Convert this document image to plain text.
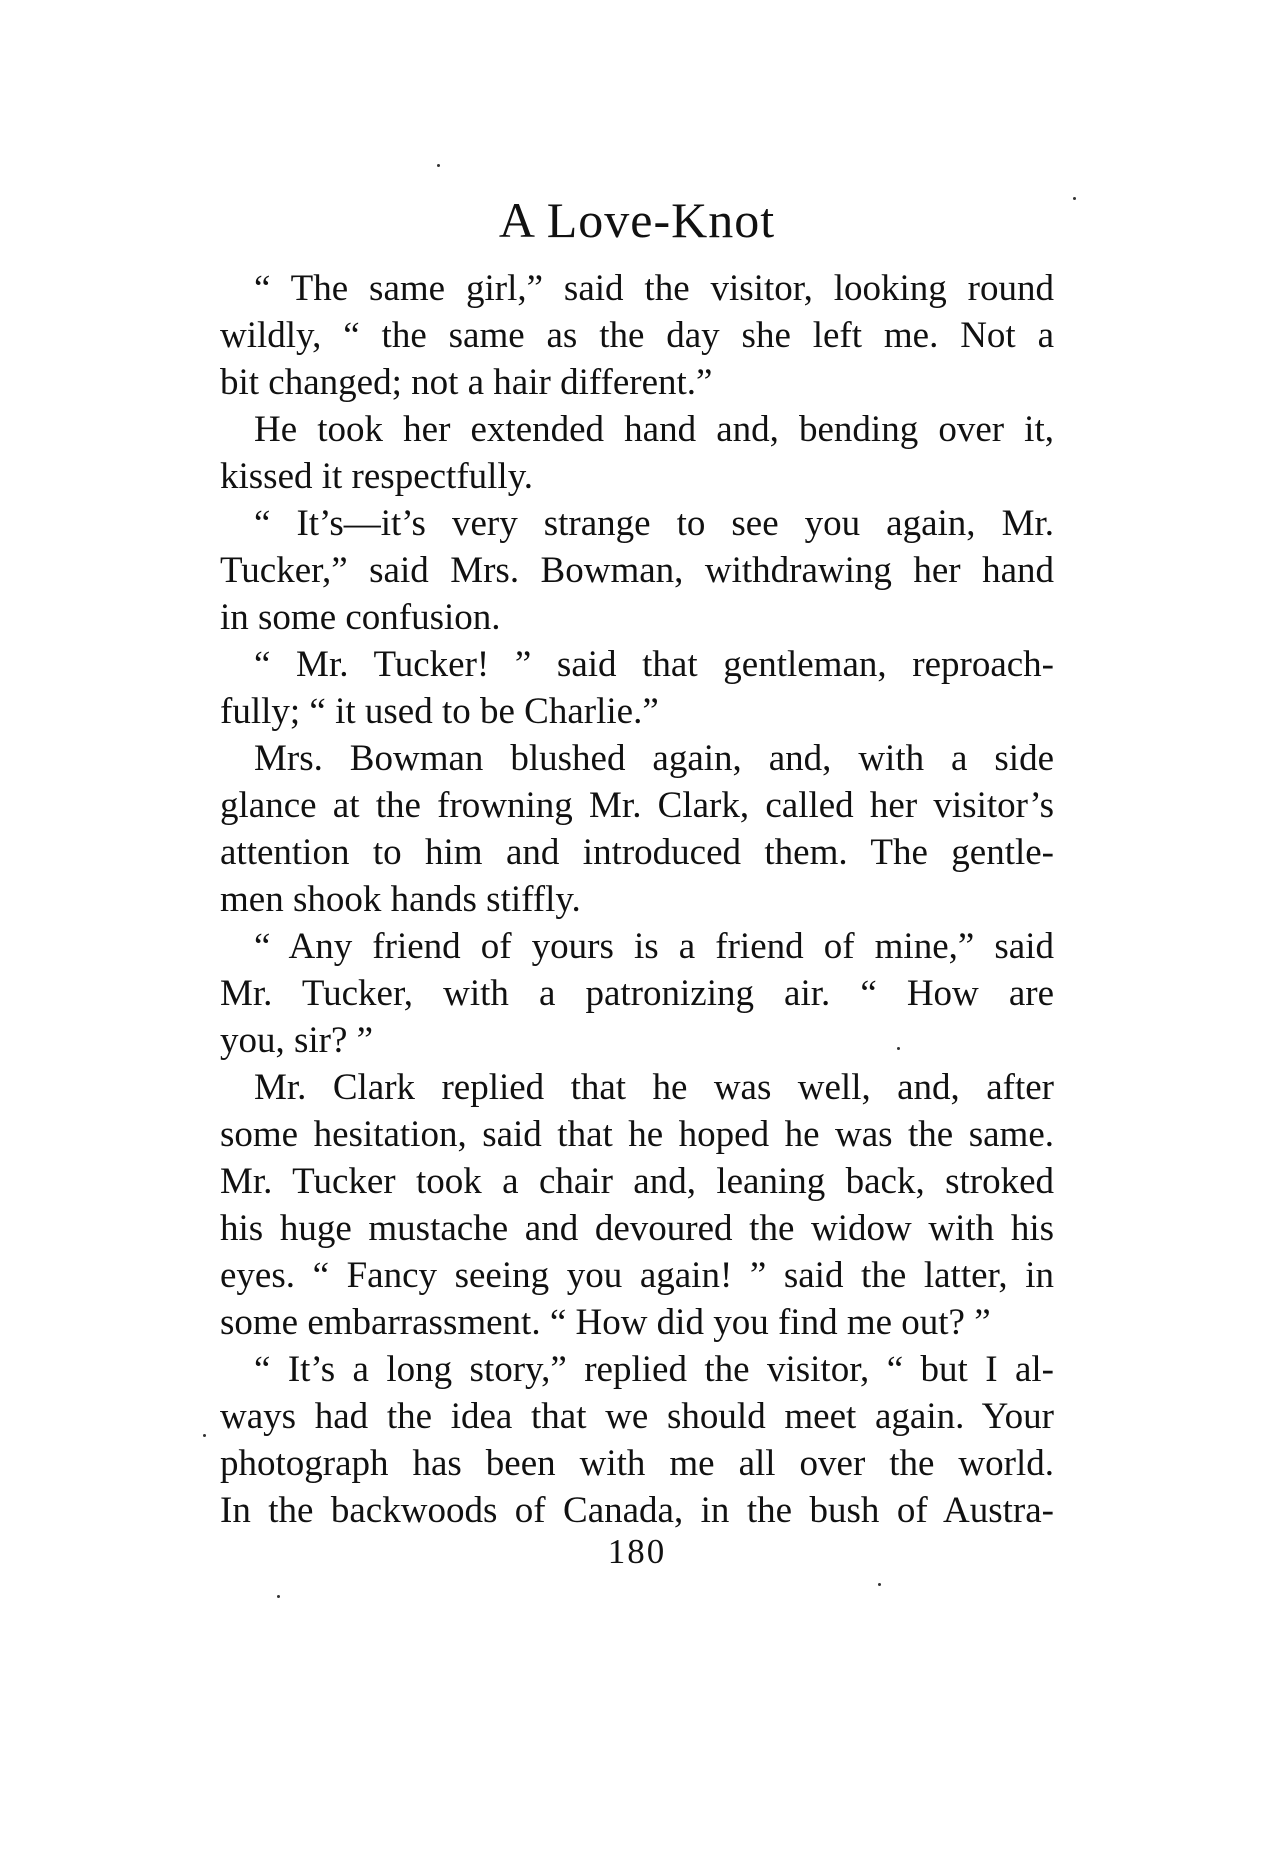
A Love-Knot
“ The same girl,” said the visitor, looking round
wildly, “ the same as the day she left me. Not a
bit changed; not a hair different.”
He took her extended hand and, bending over it,
kissed it respectfully.
“ It’s—it’s very strange to see you again, Mr.
Tucker,” said Mrs. Bowman, withdrawing her hand
in some confusion.
“ Mr. Tucker! ” said that gentleman, reproach-
fully; “ it used to be Charlie.”
Mrs. Bowman blushed again, and, with a side
glance at the frowning Mr. Clark, called her visitor’s
attention to him and introduced them. The gentle-
men shook hands stiffly.
“ Any friend of yours is a friend of mine,” said
Mr. Tucker, with a patronizing air. “ How are
you, sir? ”
Mr. Clark replied that he was well, and, after
some hesitation, said that he hoped he was the same.
Mr. Tucker took a chair and, leaning back, stroked
his huge mustache and devoured the widow with his
eyes. “ Fancy seeing you again! ” said the latter, in
some embarrassment. “ How did you find me out? ”
“ It’s a long story,” replied the visitor, “ but I al-
ways had the idea that we should meet again. Your
photograph has been with me all over the world.
In the backwoods of Canada, in the bush of Austra-
180
